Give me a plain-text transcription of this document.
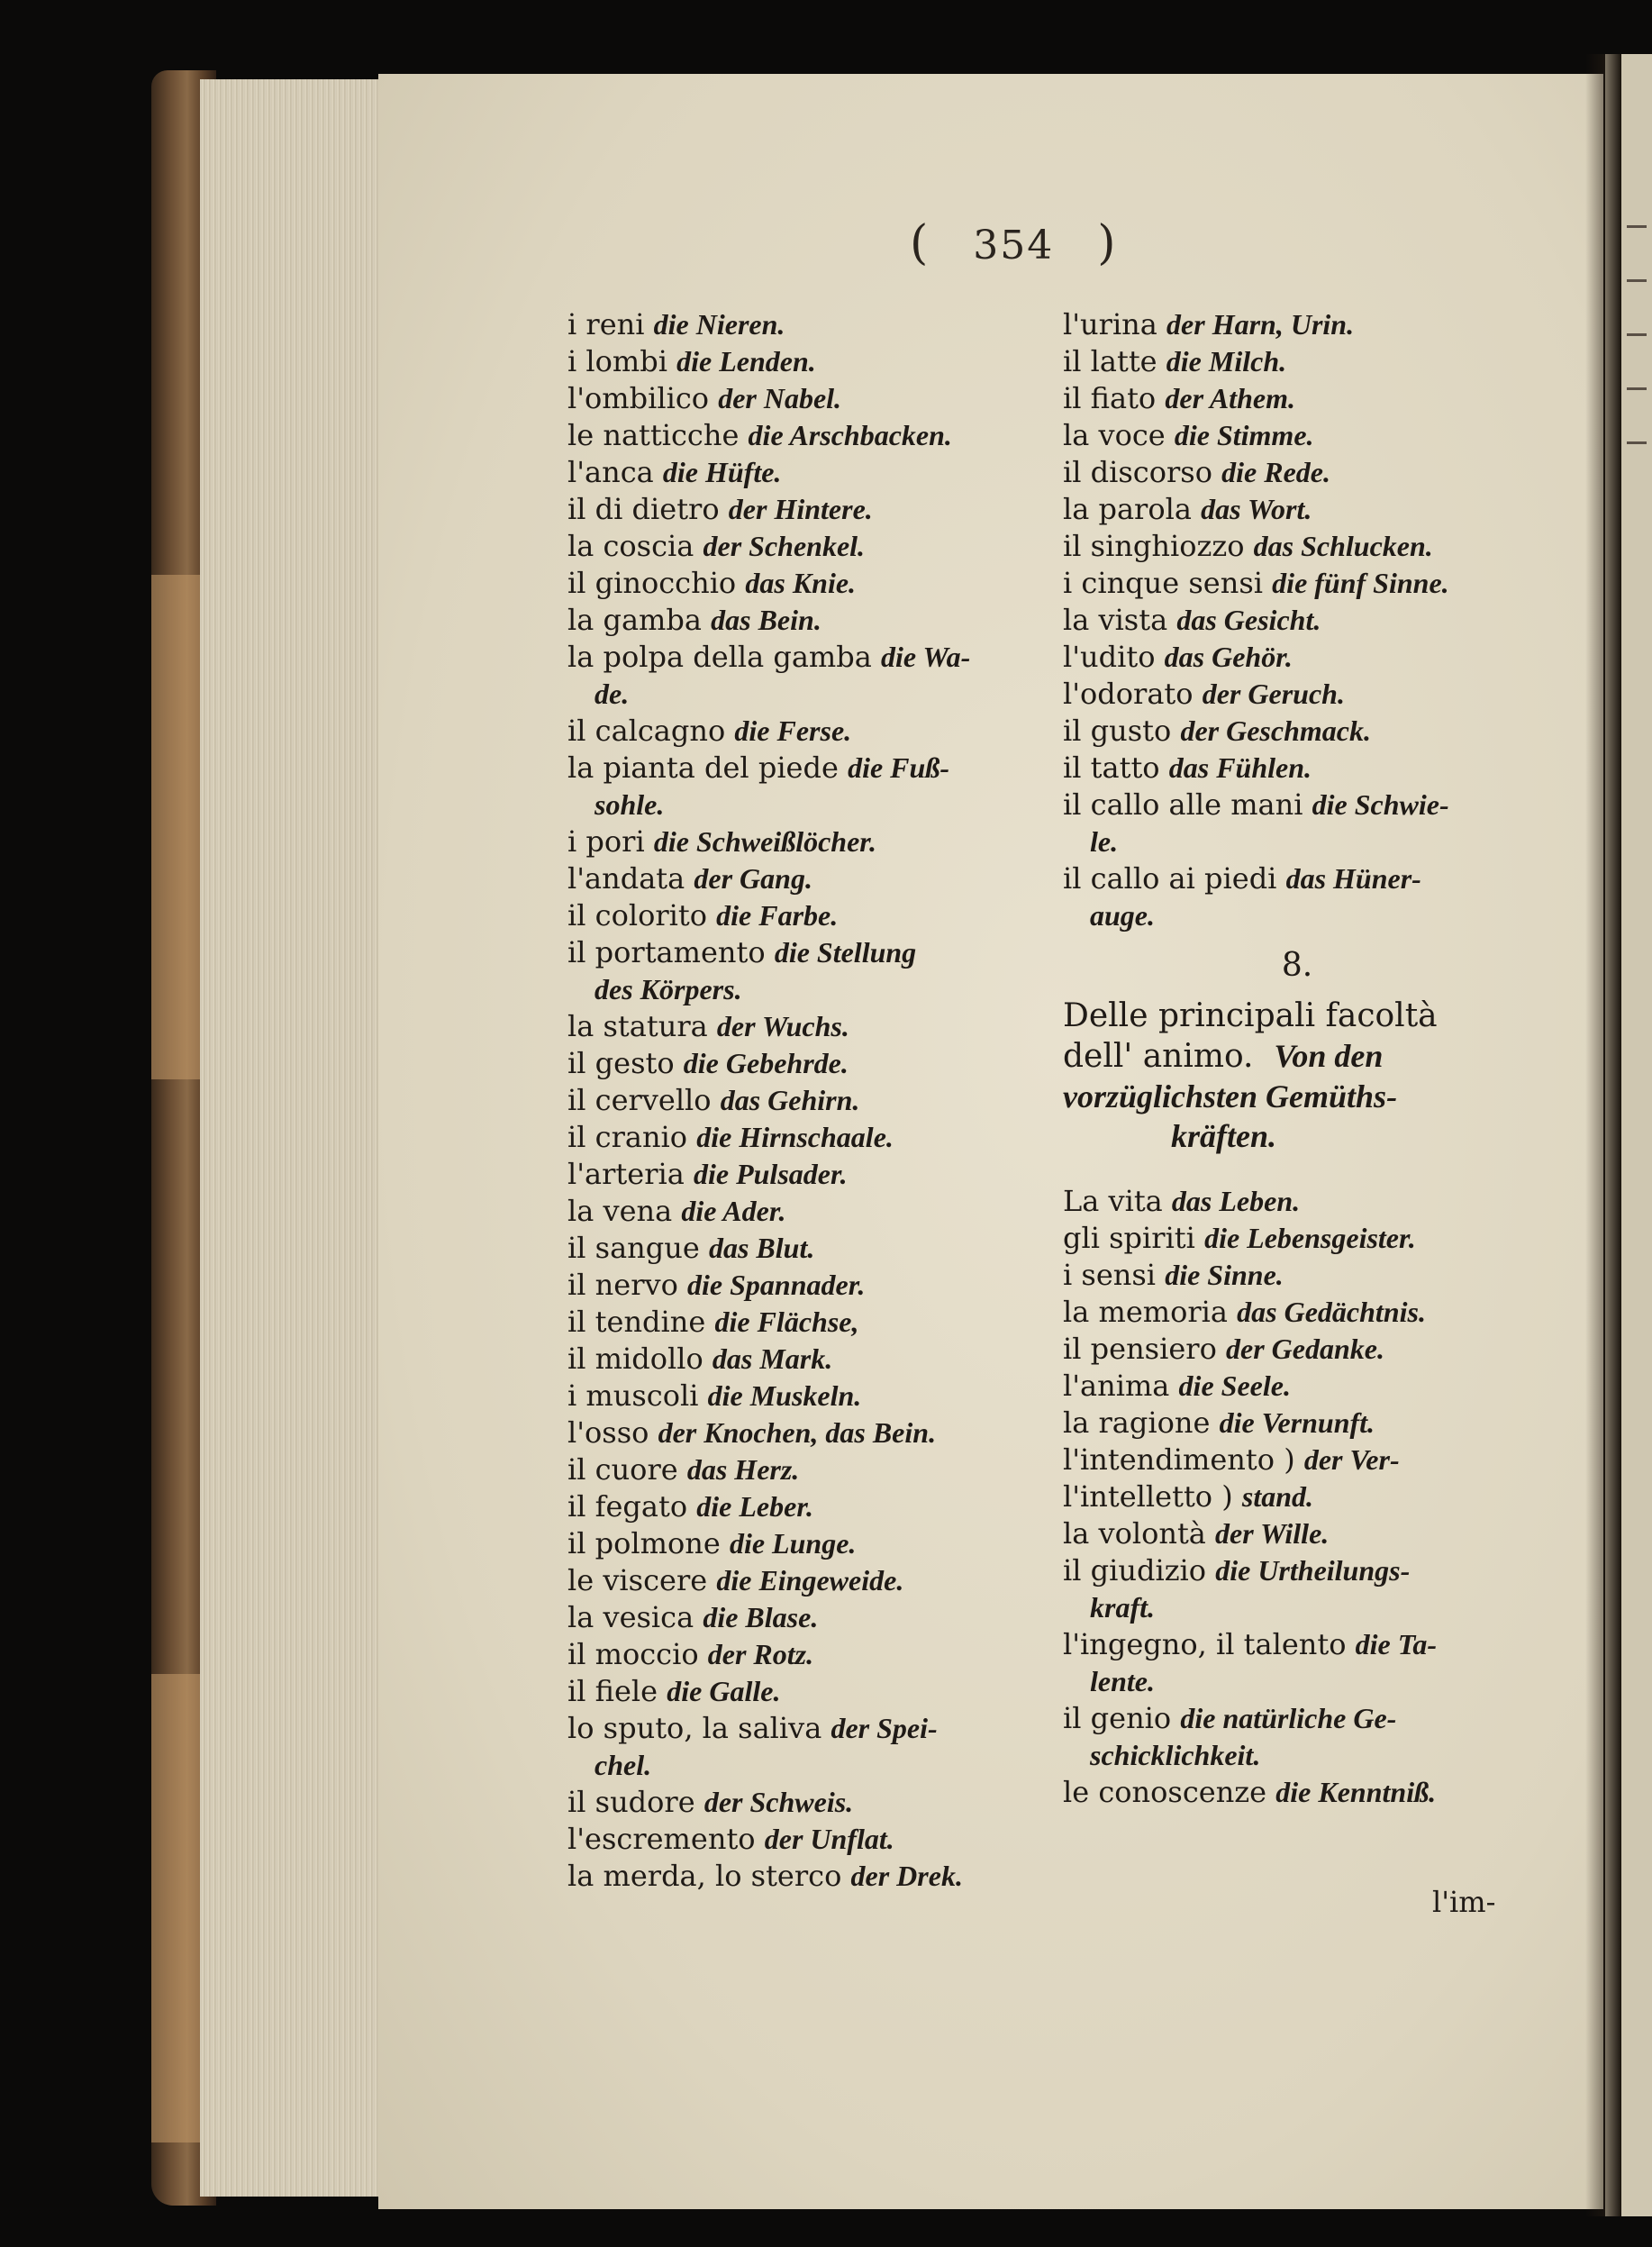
( 354 )
i reni die Nieren.
i lombi die Lenden.
l'ombilico der Nabel.
le natticche die Arschbacken.
l'anca die Hüfte.
il di dietro der Hintere.
la coscia der Schenkel.
il ginocchio das Knie.
la gamba das Bein.
la polpa della gamba die Wa-
de.
il calcagno die Ferse.
la pianta del piede die Fuß-
sohle.
i pori die Schweißlöcher.
l'andata der Gang.
il colorito die Farbe.
il portamento die Stellung
des Körpers.
la statura der Wuchs.
il gesto die Gebehrde.
il cervello das Gehirn.
il cranio die Hirnschaale.
l'arteria die Pulsader.
la vena die Ader.
il sangue das Blut.
il nervo die Spannader.
il tendine die Flächse,
il midollo das Mark.
i muscoli die Muskeln.
l'osso der Knochen, das Bein.
il cuore das Herz.
il fegato die Leber.
il polmone die Lunge.
le viscere die Eingeweide.
la vesica die Blase.
il moccio der Rotz.
il fiele die Galle.
lo sputo, la saliva der Spei-
chel.
il sudore der Schweis.
l'escremento der Unflat.
la merda, lo sterco der Drek.
l'urina der Harn, Urin.
il latte die Milch.
il fiato der Athem.
la voce die Stimme.
il discorso die Rede.
la parola das Wort.
il singhiozzo das Schlucken.
i cinque sensi die fünf Sinne.
la vista das Gesicht.
l'udito das Gehör.
l'odorato der Geruch.
il gusto der Geschmack.
il tatto das Fühlen.
il callo alle mani die Schwie-
le.
il callo ai piedi das Hüner-
auge.
8.
Delle principali facoltà
dell' animo. Von den
vorzüglichsten Gemüths-
kräften.
La vita das Leben.
gli spiriti die Lebensgeister.
i sensi die Sinne.
la memoria das Gedächtnis.
il pensiero der Gedanke.
l'anima die Seele.
la ragione die Vernunft.
l'intendimento ) der Ver-
l'intelletto ) stand.
la volontà der Wille.
il giudizio die Urtheilungs-
kraft.
l'ingegno, il talento die Ta-
lente.
il genio die natürliche Ge-
schicklichkeit.
le conoscenze die Kenntniß.
l'im-
